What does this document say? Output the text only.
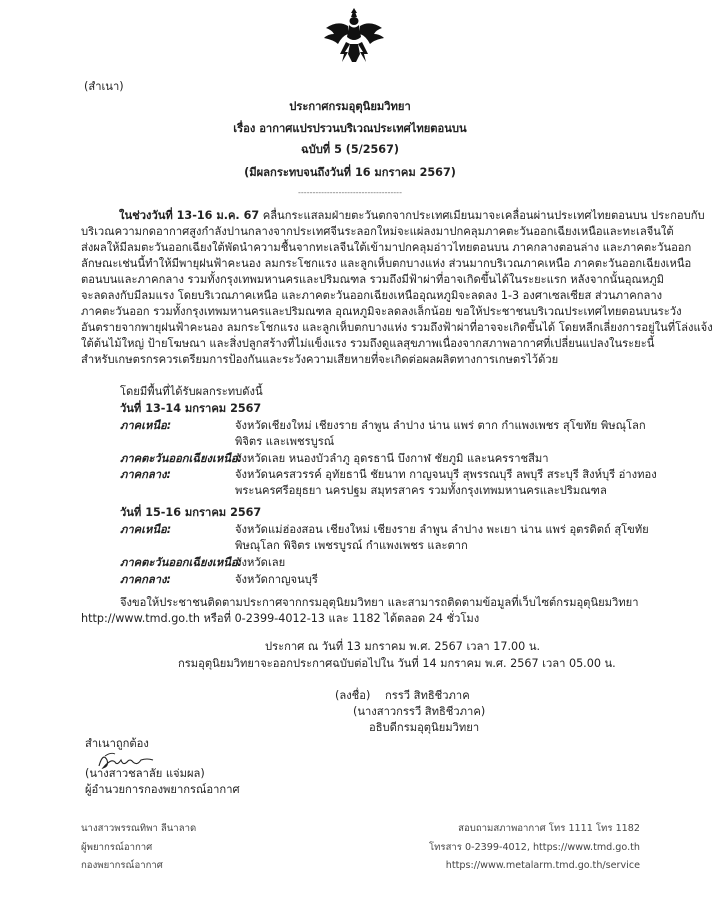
(สำเนา)
ประกาศกรมอุตุนิยมวิทยา
เรื่อง อากาศแปรปรวนบริเวณประเทศไทยตอนบน
ฉบับที่ 5 (5/2567)
(มีผลกระทบจนถึงวันที่ 16 มกราคม 2567)
------------------------------------
ในช่วงวันที่ 13-16 ม.ค. 67 คลื่นกระแสลมฝ่ายตะวันตกจากประเทศเมียนมาจะเคลื่อนผ่านประเทศไทยตอนบน ประกอบกับ
บริเวณความกดอากาศสูงกำลังปานกลางจากประเทศจีนระลอกใหม่จะแผ่ลงมาปกคลุมภาคตะวันออกเฉียงเหนือและทะเลจีนใต้
ส่งผลให้มีลมตะวันออกเฉียงใต้พัดนำความชื้นจากทะเลจีนใต้เข้ามาปกคลุมอ่าวไทยตอนบน ภาคกลางตอนล่าง และภาคตะวันออก
ลักษณะเช่นนี้ทำให้มีพายุฝนฟ้าคะนอง ลมกระโชกแรง และลูกเห็บตกบางแห่ง ส่วนมากบริเวณภาคเหนือ ภาคตะวันออกเฉียงเหนือ
ตอนบนและภาคกลาง รวมทั้งกรุงเทพมหานครและปริมณฑล รวมถึงมีฟ้าผ่าที่อาจเกิดขึ้นได้ในระยะแรก หลังจากนั้นอุณหภูมิ
จะลดลงกับมีลมแรง โดยบริเวณภาคเหนือ และภาคตะวันออกเฉียงเหนืออุณหภูมิจะลดลง 1-3 องศาเซลเซียส ส่วนภาคกลาง
ภาคตะวันออก รวมทั้งกรุงเทพมหานครและปริมณฑล อุณหภูมิจะลดลงเล็กน้อย ขอให้ประชาชนบริเวณประเทศไทยตอนบนระวัง
อันตรายจากพายุฝนฟ้าคะนอง ลมกระโชกแรง และลูกเห็บตกบางแห่ง รวมถึงฟ้าผ่าที่อาจจะเกิดขึ้นได้ โดยหลีกเลี่ยงการอยู่ในที่โล่งแจ้ง
ใต้ต้นไม้ใหญ่ ป้ายโฆษณา และสิ่งปลูกสร้างที่ไม่แข็งแรง รวมถึงดูแลสุขภาพเนื่องจากสภาพอากาศที่เปลี่ยนแปลงในระยะนี้
สำหรับเกษตรกรควรเตรียมการป้องกันและระวังความเสียหายที่จะเกิดต่อผลผลิตทางการเกษตรไว้ด้วย
โดยมีพื้นที่ได้รับผลกระทบดังนี้
วันที่ 13-14 มกราคม 2567
ภาคเหนือ:	จังหวัดเชียงใหม่ เชียงราย ลำพูน ลำปาง น่าน แพร่ ตาก กำแพงเพชร สุโขทัย พิษณุโลก
พิจิตร และเพชรบูรณ์
ภาคตะวันออกเฉียงเหนือ:
จังหวัดเลย หนองบัวลำภู อุดรธานี บึงกาฬ ชัยภูมิ และนครราชสีมา
ภาคกลาง:	จังหวัดนครสวรรค์ อุทัยธานี ชัยนาท กาญจนบุรี สุพรรณบุรี ลพบุรี สระบุรี สิงห์บุรี อ่างทอง
พระนครศรีอยุธยา นครปฐม สมุทรสาคร รวมทั้งกรุงเทพมหานครและปริมณฑล
วันที่ 15-16 มกราคม 2567
ภาคเหนือ:	จังหวัดแม่ฮ่องสอน เชียงใหม่ เชียงราย ลำพูน ลำปาง พะเยา น่าน แพร่ อุตรดิตถ์ สุโขทัย
พิษณุโลก พิจิตร เพชรบูรณ์ กำแพงเพชร และตาก
ภาคตะวันออกเฉียงเหนือ:
จังหวัดเลย
ภาคกลาง:	จังหวัดกาญจนบุรี
จึงขอให้ประชาชนติดตามประกาศจากกรมอุตุนิยมวิทยา และสามารถติดตามข้อมูลที่เว็บไซต์กรมอุตุนิยมวิทยา
http://www.tmd.go.th หรือที่ 0-2399-4012-13 และ 1182 ได้ตลอด 24 ชั่วโมง
ประกาศ ณ วันที่ 13 มกราคม พ.ศ. 2567 เวลา 17.00 น.
กรมอุตุนิยมวิทยาจะออกประกาศฉบับต่อไปใน วันที่ 14 มกราคม พ.ศ. 2567 เวลา 05.00 น.
(ลงชื่อ) กรรวี สิทธิชีวภาค
(นางสาวกรรวี สิทธิชีวภาค)
อธิบดีกรมอุตุนิยมวิทยา
สำเนาถูกต้อง
(นางสาวชลาลัย แจ่มผล)
ผู้อำนวยการกองพยากรณ์อากาศ
นางสาวพรรณทิพา ลีนาลาด
ผู้พยากรณ์อากาศ
กองพยากรณ์อากาศ
สอบถามสภาพอากาศ โทร 1111 โทร 1182
โทรสาร 0-2399-4012, https://www.tmd.go.th
https://www.metalarm.tmd.go.th/service
